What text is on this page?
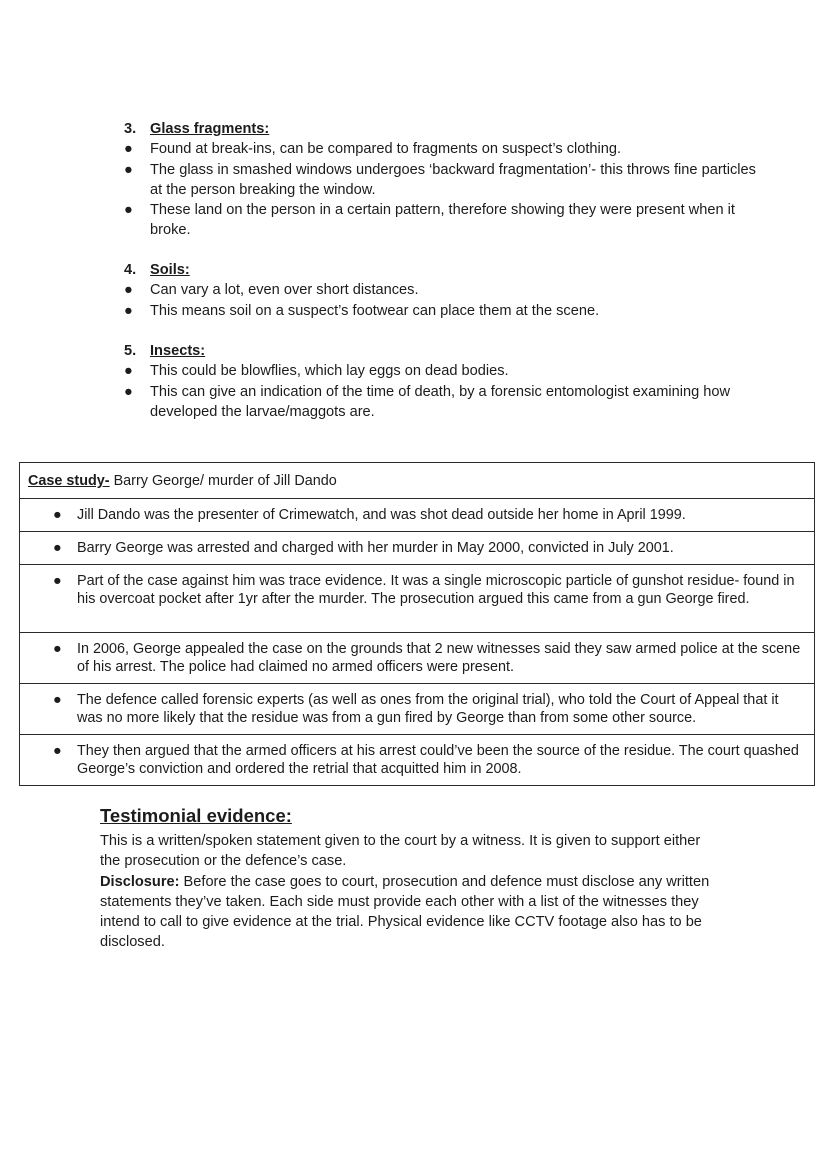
3. Glass fragments:
● Found at break-ins, can be compared to fragments on suspect’s clothing.
● The glass in smashed windows undergoes ‘backward fragmentation’- this throws fine particles at the person breaking the window.
● These land on the person in a certain pattern, therefore showing they were present when it broke.
4. Soils:
● Can vary a lot, even over short distances.
● This means soil on a suspect’s footwear can place them at the scene.
5. Insects:
● This could be blowflies, which lay eggs on dead bodies.
● This can give an indication of the time of death, by a forensic entomologist examining how developed the larvae/maggots are.
Case study- Barry George/ murder of Jill Dando

● Jill Dando was the presenter of Crimewatch, and was shot dead outside her home in April 1999.

● Barry George was arrested and charged with her murder in May 2000, convicted in July 2001.

● Part of the case against him was trace evidence. It was a single microscopic particle of gunshot residue- found in his overcoat pocket after 1yr after the murder. The prosecution argued this came from a gun George fired.

● In 2006, George appealed the case on the grounds that 2 new witnesses said they saw armed police at the scene of his arrest. The police had claimed no armed officers were present.

● The defence called forensic experts (as well as ones from the original trial), who told the Court of Appeal that it was no more likely that the residue was from a gun fired by George than from some other source.

● They then argued that the armed officers at his arrest could’ve been the source of the residue. The court quashed George’s conviction and ordered the retrial that acquitted him in 2008.
Testimonial evidence:
This is a written/spoken statement given to the court by a witness. It is given to support either the prosecution or the defence’s case.
Disclosure: Before the case goes to court, prosecution and defence must disclose any written statements they’ve taken. Each side must provide each other with a list of the witnesses they intend to call to give evidence at the trial. Physical evidence like CCTV footage also has to be disclosed.
